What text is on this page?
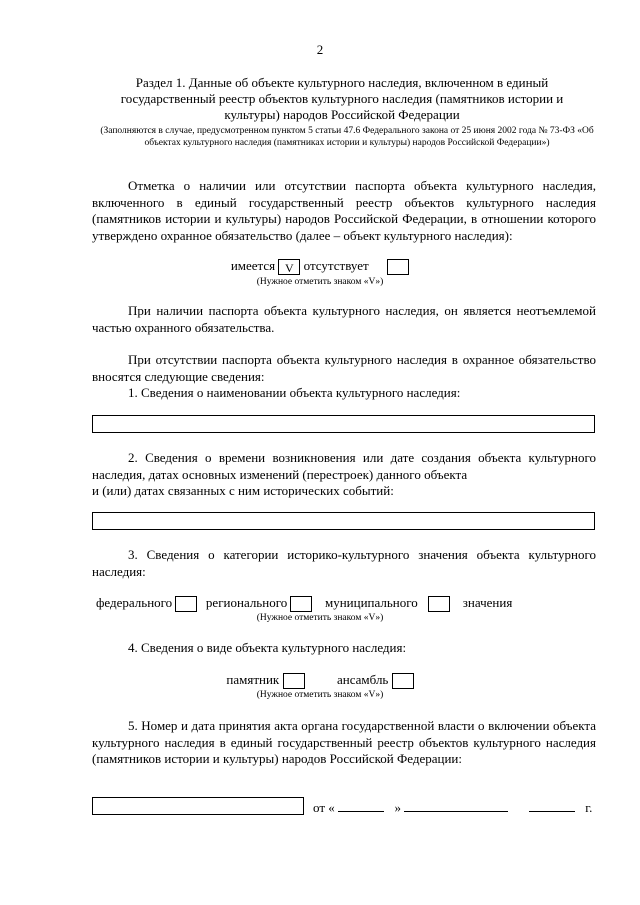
2
Раздел 1. Данные об объекте культурного наследия, включенном в единый государственный реестр объектов культурного наследия (памятников истории и культуры) народов Российской Федерации
(Заполняются в случае, предусмотренном пунктом 5 статьи 47.6 Федерального закона от 25 июня 2002 года № 73-ФЗ «Об объектах культурного наследия (памятниках истории и культуры) народов Российской Федерации»)
Отметка о наличии или отсутствии паспорта объекта культурного наследия, включенного в единый государственный реестр объектов культурного наследия (памятников истории и культуры) народов Российской Федерации, в отношении которого утверждено охранное обязательство (далее – объект культурного наследия):
имеется V отсутствует
(Нужное отметить знаком «V»)
При наличии паспорта объекта культурного наследия, он является неотъемлемой частью охранного обязательства.
При отсутствии паспорта объекта культурного наследия в охранное обязательство вносятся следующие сведения:
1. Сведения о наименовании объекта культурного наследия:
2. Сведения о времени возникновения или дате создания объекта культурного наследия, датах основных изменений (перестроек) данного объекта
и (или) датах связанных с ним исторических событий:
3. Сведения о категории историко-культурного значения объекта культурного наследия:
федерального	регионального	муниципального	значения
(Нужное отметить знаком «V»)
4. Сведения о виде объекта культурного наследия:
памятник	ансамбль
(Нужное отметить знаком «V»)
5. Номер и дата принятия акта органа государственной власти о включении объекта культурного наследия в единый государственный реестр объектов культурного наследия (памятников истории и культуры) народов Российской Федерации:
от «	»	г.
